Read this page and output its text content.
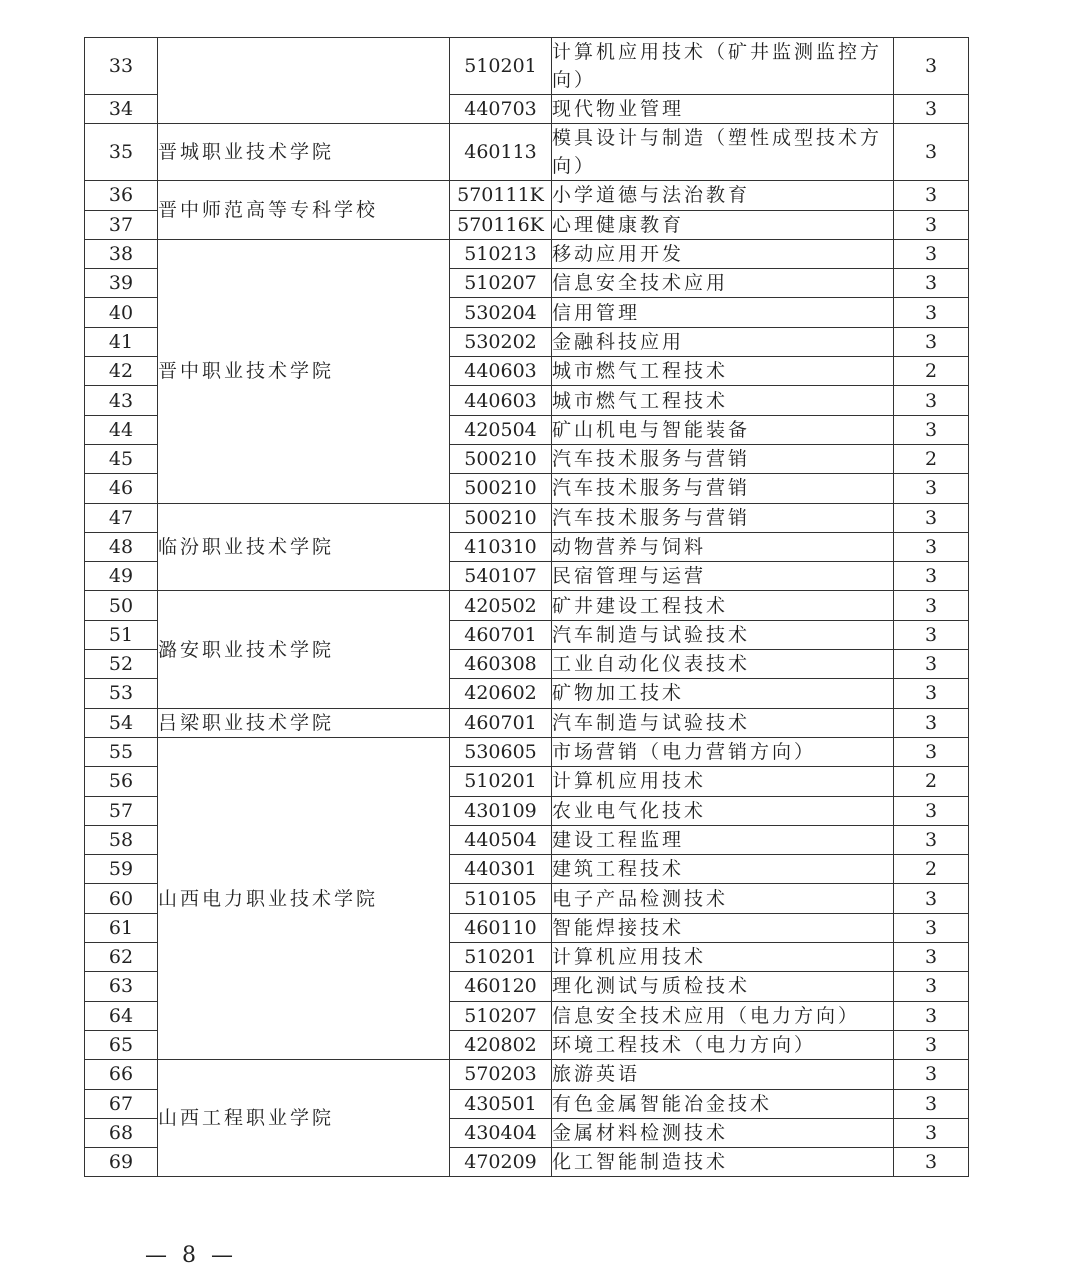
33		510201	计算机应用技术（矿井监测监控方向）	3
34		440703	现代物业管理	3
35	晋城职业技术学院	460113	模具设计与制造（塑性成型技术方向）	3
36	晋中师范高等专科学校	570111K	小学道德与法治教育	3
37		570116K	心理健康教育	3
38	晋中职业技术学院	510213	移动应用开发	3
39		510207	信息安全技术应用	3
40		530204	信用管理	3
41		530202	金融科技应用	3
42		440603	城市燃气工程技术	2
43		440603	城市燃气工程技术	3
44		420504	矿山机电与智能装备	3
45		500210	汽车技术服务与营销	2
46		500210	汽车技术服务与营销	3
47	临汾职业技术学院	500210	汽车技术服务与营销	3
48		410310	动物营养与饲料	3
49		540107	民宿管理与运营	3
50	潞安职业技术学院	420502	矿井建设工程技术	3
51		460701	汽车制造与试验技术	3
52		460308	工业自动化仪表技术	3
53		420602	矿物加工技术	3
54	吕梁职业技术学院	460701	汽车制造与试验技术	3
55	山西电力职业技术学院	530605	市场营销（电力营销方向）	3
56		510201	计算机应用技术	2
57		430109	农业电气化技术	3
58		440504	建设工程监理	3
59		440301	建筑工程技术	2
60		510105	电子产品检测技术	3
61		460110	智能焊接技术	3
62		510201	计算机应用技术	3
63		460120	理化测试与质检技术	3
64		510207	信息安全技术应用（电力方向）	3
65		420802	环境工程技术（电力方向）	3
66	山西工程职业学院	570203	旅游英语	3
67		430501	有色金属智能冶金技术	3
68		430404	金属材料检测技术	3
69		470209	化工智能制造技术	3
— 8 —
